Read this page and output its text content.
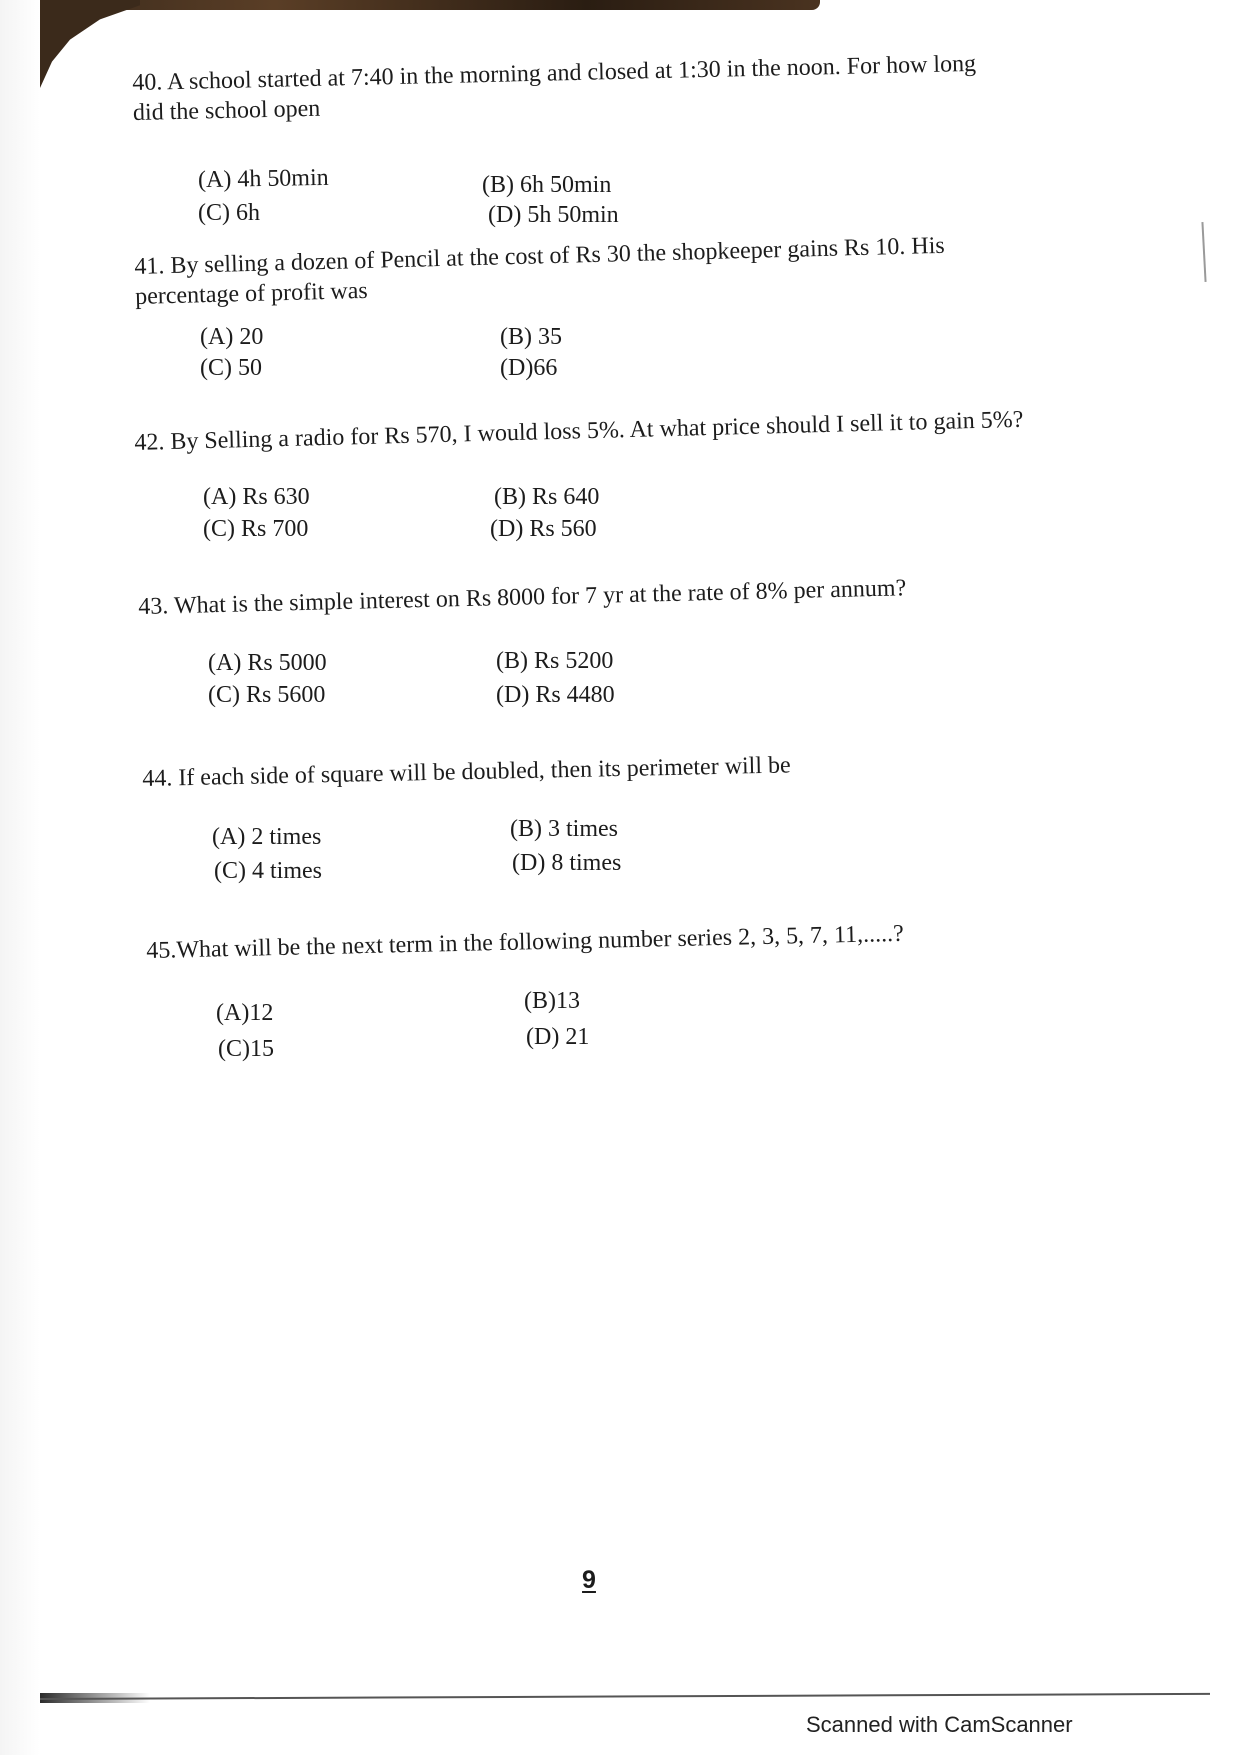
40. A school started at 7:40 in the morning and closed at 1:30 in the noon. For how long did the school open
(A) 4h 50min	(B) 6h 50min
(C) 6h	(D) 5h 50min
41. By selling a dozen of Pencil at the cost of Rs 30 the shopkeeper gains Rs 10. His percentage of profit was
(A) 20	(B) 35
(C) 50	(D)66
42. By Selling a radio for Rs 570, I would loss 5%. At what price should I sell it to gain 5%?
(A) Rs 630	(B) Rs 640
(C) Rs 700	(D) Rs 560
43. What is the simple interest on Rs 8000 for 7 yr at the rate of 8% per annum?
(A) Rs 5000	(B) Rs 5200
(C) Rs 5600	(D) Rs 4480
44. If each side of square will be doubled, then its perimeter will be
(A) 2 times	(B) 3 times
(C) 4 times	(D) 8 times
45.What will be the next term in the following number series 2, 3, 5, 7, 11,.....?
(A)12	(B)13
(C)15	(D) 21
9
Scanned with CamScanner
